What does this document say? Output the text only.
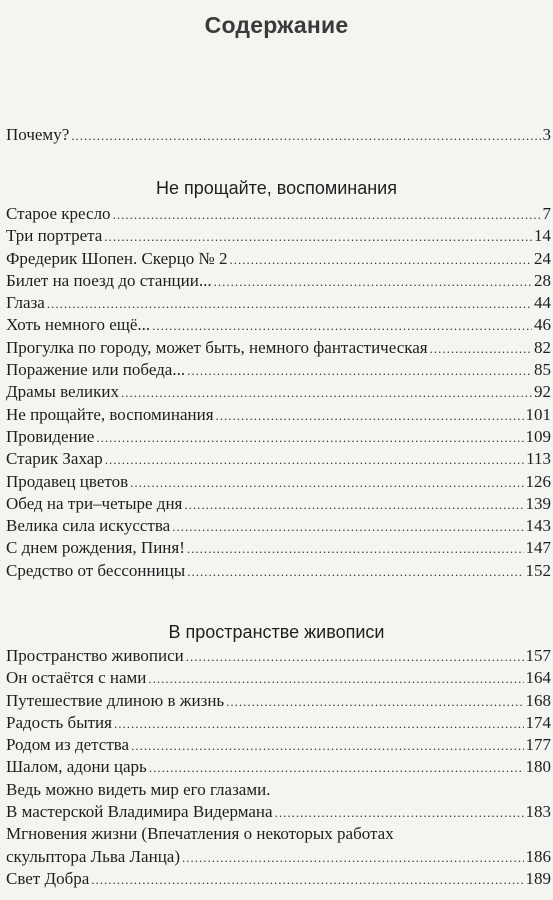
Содержание
Почему? .....	3
Не прощайте, воспоминания
Старое кресло .....	7
Три портрета .....	14
Фредерик Шопен. Скерцо № 2 .....	24
Билет на поезд до станции... .....	28
Глаза .....	44
Хоть немного ещё... .....	46
Прогулка по городу, может быть, немного фантастическая .....	82
Поражение или победа... .....	85
Драмы великих .....	92
Не прощайте, воспоминания .....	101
Провидение .....	109
Старик Захар .....	113
Продавец цветов .....	126
Обед на три–четыре дня .....	139
Велика сила искусства .....	143
С днем рождения, Пиня! .....	147
Средство от бессонницы .....	152
В пространстве живописи
Пространство живописи .....	157
Он остаётся с нами .....	164
Путешествие длиною в жизнь .....	168
Радость бытия .....	174
Родом из детства .....	177
Шалом, адони царь .....	180
Ведь можно видеть мир его глазами.
В мастерской Владимира Видермана .....	183
Мгновения жизни (Впечатления о некоторых работах
скульптора Льва Ланца) .....	186
Свет Добра .....	189
